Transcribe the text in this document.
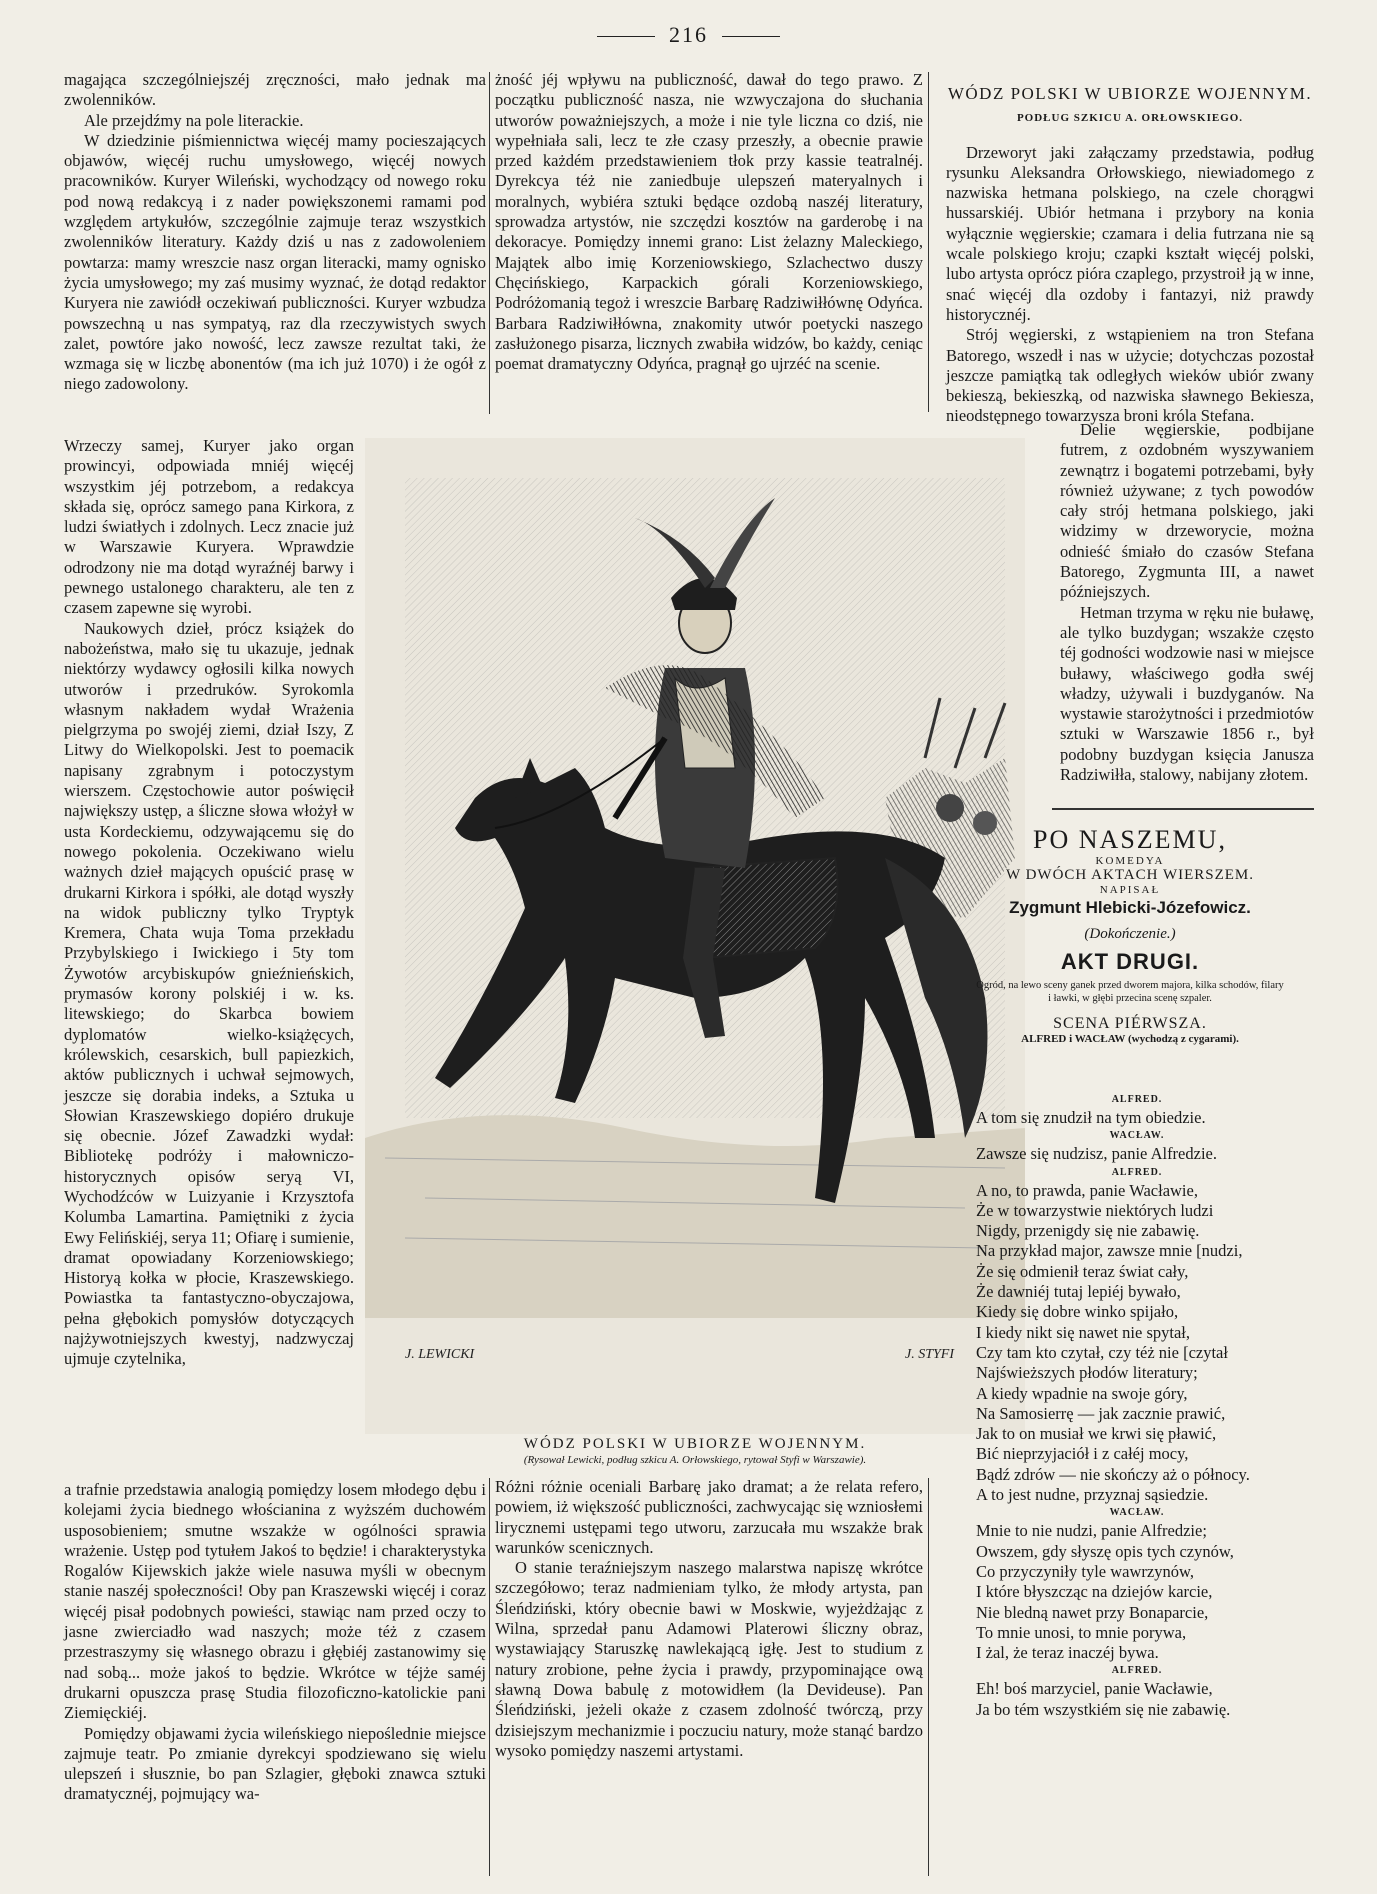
216

magająca szczególniejszéj zręczności, mało jednak ma zwolenników.

Ale przejdźmy na pole literackie.

W dziedzinie piśmiennictwa więcéj mamy pocieszających objawów, więcéj ruchu umysłowego, więcéj nowych pracowników. Kuryer Wileński, wychodzący od nowego roku pod nową redakcyą i z nader powiększonemi ramami pod względem artykułów, szczególnie zajmuje teraz wszystkich zwolenników literatury. Każdy dziś u nas z zadowoleniem powtarza: mamy wreszcie nasz organ literacki, mamy ognisko życia umysłowego; my zaś musimy wyznać, że dotąd redaktor Kuryera nie zawiódł oczekiwań publiczności. Kuryer wzbudza powszechną u nas sympatyą, raz dla rzeczywistych swych zalet, powtóre jako nowość, lecz zawsze rezultat taki, że wzmaga się w liczbę abonentów (ma ich już 1070) i że ogół z niego zadowolony.

Wrzeczy samej, Kuryer jako organ prowincyi, odpowiada mniéj więcéj wszystkim jéj potrzebom, a redakcya składa się, oprócz samego pana Kirkora, z ludzi światłych i zdolnych. Lecz znacie już w Warszawie Kuryera. Wprawdzie odrodzony nie ma dotąd wyraźnéj barwy i pewnego ustalonego charakteru, ale ten z czasem zapewne się wyrobi.

Naukowych dzieł, prócz książek do nabożeństwa, mało się tu ukazuje, jednak niektórzy wydawcy ogłosili kilka nowych utworów i przedruków. Syrokomla własnym nakładem wydał Wrażenia pielgrzyma po swojéj ziemi, dział Iszy, Z Litwy do Wielkopolski. Jest to poemacik napisany zgrabnym i potoczystym wierszem. Częstochowie autor poświęcił największy ustęp, a śliczne słowa włożył w usta Kordeckiemu, odzywającemu się do nowego pokolenia. Oczekiwano wielu ważnych dzieł mających opuścić prasę w drukarni Kirkora i spółki, ale dotąd wyszły na widok publiczny tylko Tryptyk Kremera, Chata wuja Toma przekładu Przybylskiego i Iwickiego i 5ty tom Żywotów arcybiskupów gnieźnieńskich, prymasów korony polskiéj i w. ks. litewskiego; do Skarbca bowiem dyplomatów wielko-książęcych, królewskich, cesarskich, bull papiezkich, aktów publicznych i uchwał sejmowych, jeszcze się dorabia indeks, a Sztuka u Słowian Kraszewskiego dopiéro drukuje się obecnie. Józef Zawadzki wydał: Bibliotekę podróży i małowniczo-historycznych opisów seryą VI, Wychodźców w Luizyanie i Krzysztofa Kolumba Lamartina. Pamiętniki z życia Ewy Felińskiéj, serya 11; Ofiarę i sumienie, dramat opowiadany Korzeniowskiego; Historyą kołka w płocie, Kraszewskiego. Powiastka ta fantastyczno-obyczajowa, pełna głębokich pomysłów dotyczących najżywotniejszych kwestyj, nadzwyczaj ujmuje czytelnika,

a trafnie przedstawia analogią pomiędzy losem młodego dębu i kolejami życia biednego włościanina z wyższém duchowém usposobieniem; smutne wszakże w ogólności sprawia wrażenie. Ustęp pod tytułem Jakoś to będzie! i charakterystyka Rogalów Kijewskich jakże wiele nasuwa myśli w obecnym stanie naszéj społeczności! Oby pan Kraszewski więcéj i coraz więcéj pisał podobnych powieści, stawiąc nam przed oczy to jasne zwierciadło wad naszych; może téż z czasem przestraszymy się własnego obrazu i głębiéj zastanowimy się nad sobą... może jakoś to będzie. Wkrótce w téjże saméj drukarni opuszcza prasę Studia filozoficzno-katolickie pani Ziemięckiéj.

Pomiędzy objawami życia wileńskiego niepoślednie miejsce zajmuje teatr. Po zmianie dyrekcyi spodziewano się wielu ulepszeń i słusznie, bo pan Szlagier, głęboki znawca sztuki dramatycznéj, pojmujący wa-

żność jéj wpływu na publiczność, dawał do tego prawo. Z początku publiczność nasza, nie wzwyczajona do słuchania utworów poważniejszych, a może i nie tyle liczna co dziś, nie wypełniała sali, lecz te złe czasy przeszły, a obecnie prawie przed każdém przedstawieniem tłok przy kassie teatralnéj. Dyrekcya téż nie zaniedbuje ulepszeń materyalnych i moralnych, wybiéra sztuki będące ozdobą naszéj literatury, sprowadza artystów, nie szczędzi kosztów na garderobę i na dekoracye. Pomiędzy innemi grano: List żelazny Maleckiego, Majątek albo imię Korzeniowskiego, Szlachectwo duszy Chęcińskiego, Karpackich górali Korzeniowskiego, Podróżomanią tegoż i wreszcie Barbarę Radziwiłłównę Odyńca. Barbara Radziwiłłówna, znakomity utwór poetycki naszego zasłużonego pisarza, licznych zwabiła widzów, bo każdy, ceniąc poemat dramatyczny Odyńca, pragnął go ujrzéć na scenie.

Różni różnie oceniali Barbarę jako dramat; a że relata refero, powiem, iż większość publiczności, zachwycając się wzniosłemi lirycznemi ustępami tego utworu, zarzucała mu wszakże brak warunków scenicznych.

O stanie teraźniejszym naszego malarstwa napiszę wkrótce szczegółowo; teraz nadmieniam tylko, że młody artysta, pan Śleńdziński, który obecnie bawi w Moskwie, wyjeżdżając z Wilna, sprzedał panu Adamowi Platerowi śliczny obraz, wystawiający Staruszkę nawlekającą igłę. Jest to studium z natury zrobione, pełne życia i prawdy, przypominające ową sławną Dowa babulę z motowidłem (la Devideuse). Pan Śleńdziński, jeżeli okaże z czasem zdolność twórczą, przy dzisiejszym mechanizmie i poczuciu natury, może stanąć bardzo wysoko pomiędzy naszemi artystami.

J. LEWICKI	J. STYFI
WÓDZ POLSKI W UBIORZE WOJENNYM.
(Rysował Lewicki, podług szkicu A. Orłowskiego, rytował Styfi w Warszawie).
WÓDZ POLSKI W UBIORZE WOJENNYM.
PODŁUG SZKICU A. ORŁOWSKIEGO.

Drzeworyt jaki załączamy przedstawia, podług rysunku Aleksandra Orłowskiego, niewiadomego z nazwiska hetmana polskiego, na czele chorągwi hussarskiéj. Ubiór hetmana i przybory na konia wyłącznie węgierskie; czamara i delia futrzana nie są wcale polskiego kroju; czapki kształt więcéj polski, lubo artysta oprócz pióra czaplego, przystroił ją w inne, snać więcéj dla ozdoby i fantazyi, niż prawdy historycznéj.

Strój węgierski, z wstąpieniem na tron Stefana Batorego, wszedł i nas w użycie; dotychczas pozostał jeszcze pamiątką tak odległych wieków ubiór zwany bekieszą, bekieszką, od nazwiska sławnego Bekiesza, nieodstępnego towarzysza broni króla Stefana.

Delie węgierskie, podbijane futrem, z ozdobném wyszywaniem zewnątrz i bogatemi potrzebami, były również używane; z tych powodów cały strój hetmana polskiego, jaki widzimy w drzeworycie, można odnieść śmiało do czasów Stefana Batorego, Zygmunta III, a nawet późniejszych.

Hetman trzyma w ręku nie buławę, ale tylko buzdygan; wszakże często téj godności wodzowie nasi w miejsce buławy, właściwego godła swéj władzy, używali i buzdyganów. Na wystawie starożytności i przedmiotów sztuki w Warszawie 1856 r., był podobny buzdygan księcia Janusza Radziwiłła, stalowy, nabijany złotem.

PO NASZEMU,
KOMEDYA
W DWÓCH AKTACH WIERSZEM.
NAPISAŁ
Zygmunt Hlebicki-Józefowicz.
(Dokończenie.)
AKT DRUGI.
Ogród, na lewo sceny ganek przed dworem majora, kilka schodów, filary i ławki, w głębi przecina scenę szpaler.
SCENA PIÉRWSZA.
ALFRED i WACŁAW (wychodzą z cygarami).
ALFRED.
A tom się znudził na tym obiedzie.
WACŁAW.
Zawsze się nudzisz, panie Alfredzie.
ALFRED.
A no, to prawda, panie Wacławie,
Że w towarzystwie niektórych ludzi
Nigdy, przenigdy się nie zabawię.
Na przykład major, zawsze mnie [nudzi,
Że się odmienił teraz świat cały,
Że dawniéj tutaj lepiéj bywało,
Kiedy się dobre winko spijało,
I kiedy nikt się nawet nie spytał,
Czy tam kto czytał, czy téż nie [czytał
Najświeższych płodów literatury;
A kiedy wpadnie na swoje góry,
Na Samosierrę — jak zacznie prawić,
Jak to on musiał we krwi się pławić,
Bić nieprzyjaciół i z całéj mocy,
Bądź zdrów — nie skończy aż o północy.
A to jest nudne, przyznaj sąsiedzie.
WACŁAW.
Mnie to nie nudzi, panie Alfredzie;
Owszem, gdy słyszę opis tych czynów,
Co przyczyniły tyle wawrzynów,
I które błyszcząc na dziejów karcie,
Nie bledną nawet przy Bonaparcie,
To mnie unosi, to mnie porywa,
I żal, że teraz inaczéj bywa.
ALFRED.
Eh! boś marzyciel, panie Wacławie,
Ja bo tém wszystkiém się nie zabawię.
